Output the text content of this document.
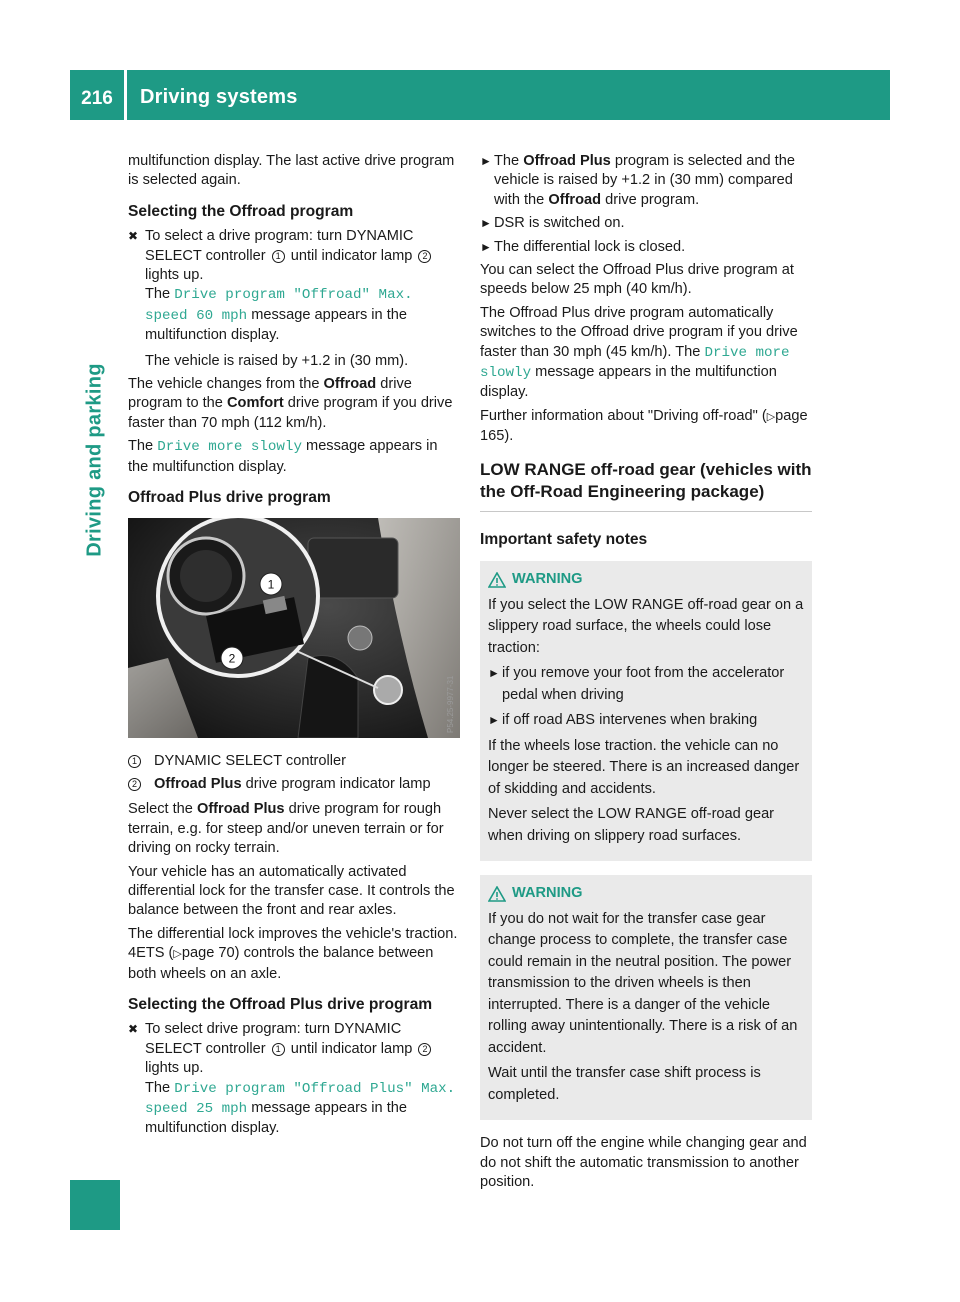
216	Driving systems
Driving and parking

multifunction display. The last active drive program is selected again.

Selecting the Offroad program
✖ To select a drive program: turn DYNAMIC SELECT controller 1 until indicator lamp 2
lights up.
The Drive program "Offroad" Max. speed 60 mph message appears in the multifunction display.
The vehicle is raised by +1.2 in (30 mm).

The vehicle changes from the Offroad drive program to the Comfort drive program if you drive faster than 70 mph (112 km/h).

The Drive more slowly message appears in the multifunction display.

Offroad Plus drive program
1
2
P54.25-9977-31
1 DYNAMIC SELECT controller
2 Offroad Plus drive program indicator lamp

Select the Offroad Plus drive program for rough terrain, e.g. for steep and/or uneven terrain or for driving on rocky terrain.

Your vehicle has an automatically activated differential lock for the transfer case. It controls the balance between the front and rear axles.

The differential lock improves the vehicle's traction. 4ETS (▷page 70) controls the balance between both wheels on an axle.

Selecting the Offroad Plus drive program
✖ To select drive program: turn DYNAMIC SELECT controller 1 until indicator lamp 2
lights up.
The Drive program "Offroad Plus" Max. speed 25 mph message appears in the multifunction display.
► The Offroad Plus program is selected and the vehicle is raised by +1.2 in (30 mm) compared with the Offroad drive program.
► DSR is switched on.
► The differential lock is closed.

You can select the Offroad Plus drive program at speeds below 25 mph (40 km/h).

The Offroad Plus drive program automatically switches to the Offroad drive program if you drive faster than 30 mph (45 km/h). The Drive more slowly message appears in the multifunction display.

Further information about "Driving off-road" (▷page 165).

LOW RANGE off-road gear (vehicles with the Off-Road Engineering package)
Important safety notes
WARNING

If you select the LOW RANGE off-road gear on a slippery road surface, the wheels could lose traction:

► if you remove your foot from the accelerator pedal when driving
► if off road ABS intervenes when braking

If the wheels lose traction. the vehicle can no longer be steered. There is an increased danger of skidding and accidents.

Never select the LOW RANGE off-road gear when driving on slippery road surfaces.

WARNING

If you do not wait for the transfer case gear change process to complete, the transfer case could remain in the neutral position. The power transmission to the driven wheels is then interrupted. There is a danger of the vehicle rolling away unintentionally. There is a risk of an accident.

Wait until the transfer case shift process is completed.

Do not turn off the engine while changing gear and do not shift the automatic transmission to another position.
